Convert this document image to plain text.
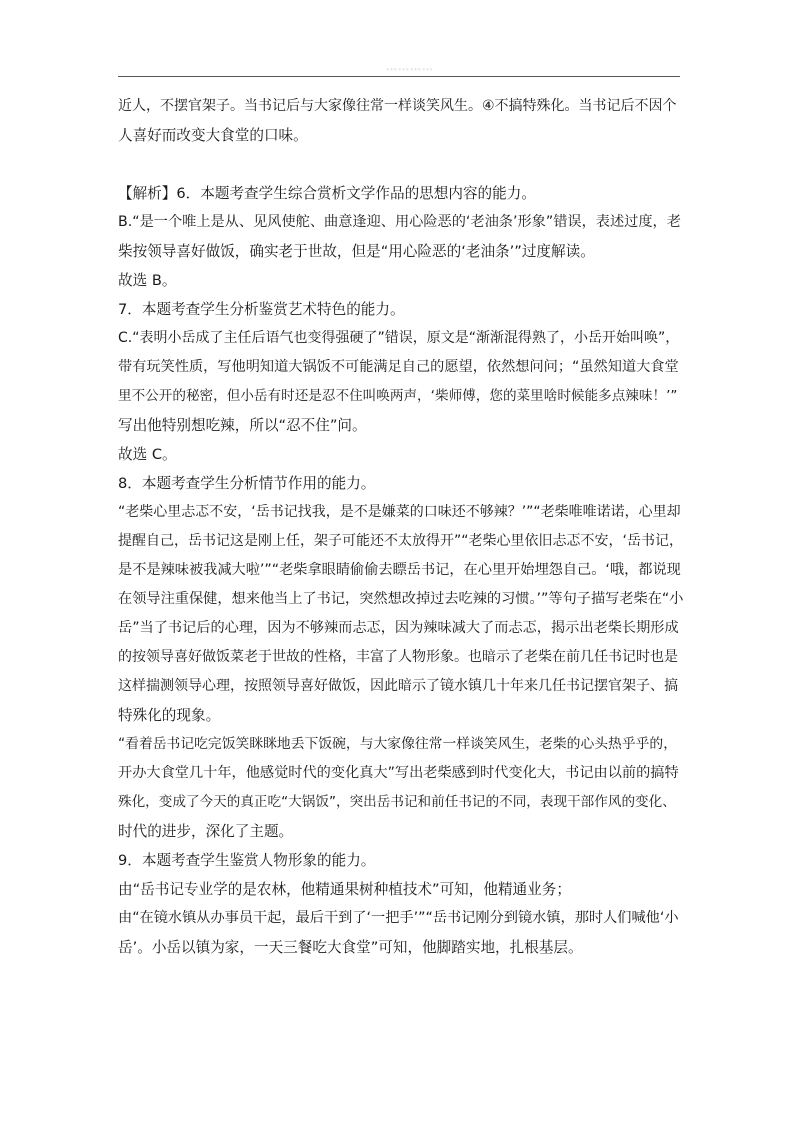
…………
近人，不摆官架子。当书记后与大家像往常一样谈笑风生。④不搞特殊化。当书记后不因个
人喜好而改变大食堂的口味。
【解析】6．本题考查学生综合赏析文学作品的思想内容的能力。
B.“是一个唯上是从、见风使舵、曲意逢迎、用心险恶的‘老油条’形象”错误，表述过度，老
柴按领导喜好做饭，确实老于世故，但是“用心险恶的‘老油条’”过度解读。
故选 B。
7．本题考查学生分析鉴赏艺术特色的能力。
C.“表明小岳成了主任后语气也变得强硬了”错误，原文是“渐渐混得熟了，小岳开始叫唤”，
带有玩笑性质，写他明知道大锅饭不可能满足自己的愿望，依然想问问；“虽然知道大食堂
里不公开的秘密，但小岳有时还是忍不住叫唤两声，‘柴师傅，您的菜里啥时候能多点辣味！’”
写出他特别想吃辣，所以“忍不住”问。
故选 C。
8．本题考查学生分析情节作用的能力。
“老柴心里忐忑不安，‘岳书记找我，是不是嫌菜的口味还不够辣？’”“老柴唯唯诺诺，心里却
提醒自己，岳书记这是刚上任，架子可能还不太放得开”“老柴心里依旧忐忑不安，‘岳书记，
是不是辣味被我减大啦’”“老柴拿眼睛偷偷去瞟岳书记，在心里开始埋怨自己。‘哦，都说现
在领导注重保健，想来他当上了书记，突然想改掉过去吃辣的习惯。’”等句子描写老柴在“小
岳”当了书记后的心理，因为不够辣而忐忑，因为辣味减大了而忐忑，揭示出老柴长期形成
的按领导喜好做饭菜老于世故的性格，丰富了人物形象。也暗示了老柴在前几任书记时也是
这样揣测领导心理，按照领导喜好做饭，因此暗示了镜水镇几十年来几任书记摆官架子、搞
特殊化的现象。
“看着岳书记吃完饭笑眯眯地丢下饭碗，与大家像往常一样谈笑风生，老柴的心头热乎乎的，
开办大食堂几十年，他感觉时代的变化真大”写出老柴感到时代变化大，书记由以前的搞特
殊化，变成了今天的真正吃“大锅饭”，突出岳书记和前任书记的不同，表现干部作风的变化、
时代的进步，深化了主题。
9．本题考查学生鉴赏人物形象的能力。
由“岳书记专业学的是农林，他精通果树种植技术”可知，他精通业务；
由“在镜水镇从办事员干起，最后干到了‘一把手’”“岳书记刚分到镜水镇，那时人们喊他‘小
岳’。小岳以镇为家，一天三餐吃大食堂”可知，他脚踏实地，扎根基层。
